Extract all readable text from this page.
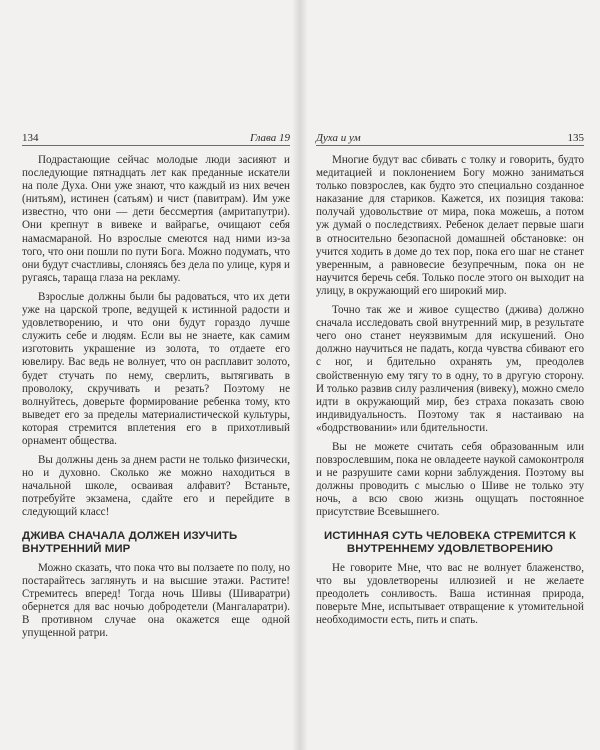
134	Глава 19

Подрастающие сейчас молодые люди засияют и последующие пятнадцать лет как преданные искатели на поле Духа. Они уже знают, что каждый из них вечен (нитьям), истинен (сатьям) и чист (павитрам). Им уже известно, что они — дети бессмертия (амритапутри). Они крепнут в вивеке и вайрагье, очищают себя намасмараной. Но взрослые смеются над ними из-за того, что они пошли по пути Бога. Можно подумать, что они будут счастливы, слоняясь без дела по улице, куря и ругаясь, таращa глаза на рекламу.

Взрослые должны были бы радоваться, что их дети уже на царской тропе, ведущей к истинной радости и удовлетворению, и что они будут гораздо лучше служить себе и людям. Если вы не знаете, как самим изготовить украшение из золота, то отдаете его ювелиру. Вас ведь не волнует, что он расплавит золото, будет стучать по нему, сверлить, вытягивать в проволоку, скручивать и резать? Поэтому не волнуйтесь, доверьте формирование ребенка тому, кто выведет его за пределы материалистической культуры, которая стремится вплетения его в прихотливый орнамент общества.

Вы должны день за днем расти не только физически, но и духовно. Сколько же можно находиться в начальной школе, осваивая алфавит? Встаньте, потребуйте экзамена, сдайте его и перейдите в следующий класс!

ДЖИВА СНАЧАЛА ДОЛЖЕН ИЗУЧИТЬ ВНУТРЕННИЙ МИР

Можно сказать, что пока что вы ползаете по полу, но постарайтесь заглянуть и на высшие этажи. Растите! Стремитесь вперед! Тогда ночь Шивы (Шиваратри) обернется для вас ночью добродетели (Мангаларатри). В противном случае она окажется еще одной упущенной ратри.

Духа и ум	135

Многие будут вас сбивать с толку и говорить, будто медитацией и поклонением Богу можно заниматься только повзрослев, как будто это специально созданное наказание для стариков. Кажется, их позиция такова: получай удовольствие от мира, пока можешь, а потом уж думай о последствиях. Ребенок делает первые шаги в относительно безопасной домашней обстановке: он учится ходить в доме до тех пор, пока его шаг не станет уверенным, а равновесие безупречным, пока он не научится беречь себя. Только после этого он выходит на улицу, в окружающий его широкий мир.

Точно так же и живое существо (джива) должно сначала исследовать свой внутренний мир, в результате чего оно станет неуязвимым для искушений. Оно должно научиться не падать, когда чувства сбивают его с ног, и бдительно охранять ум, преодолев свойственную ему тягу то в одну, то в другую сторону. И только развив силу различения (вивеку), можно смело идти в окружающий мир, без страха показать свою индивидуальность. Поэтому так я настаиваю на «бодрствовании» или бдительности.

Вы не можете считать себя образованным или повзрослевшим, пока не овладеете наукой самоконтроля и не разрушите сами корни заблуждения. Поэтому вы должны проводить с мыслью о Шиве не только эту ночь, а всю свою жизнь ощущать постоянное присутствие Всевышнего.

ИСТИННАЯ СУТЬ ЧЕЛОВЕКА СТРЕМИТСЯ К ВНУТРЕННЕМУ УДОВЛЕТВОРЕНИЮ

Не говорите Мне, что вас не волнует блаженство, что вы удовлетворены иллюзией и не желаете преодолеть сонливость. Ваша истинная природа, поверьте Мне, испытывает отвращение к утомительной необходимости есть, пить и спать.
